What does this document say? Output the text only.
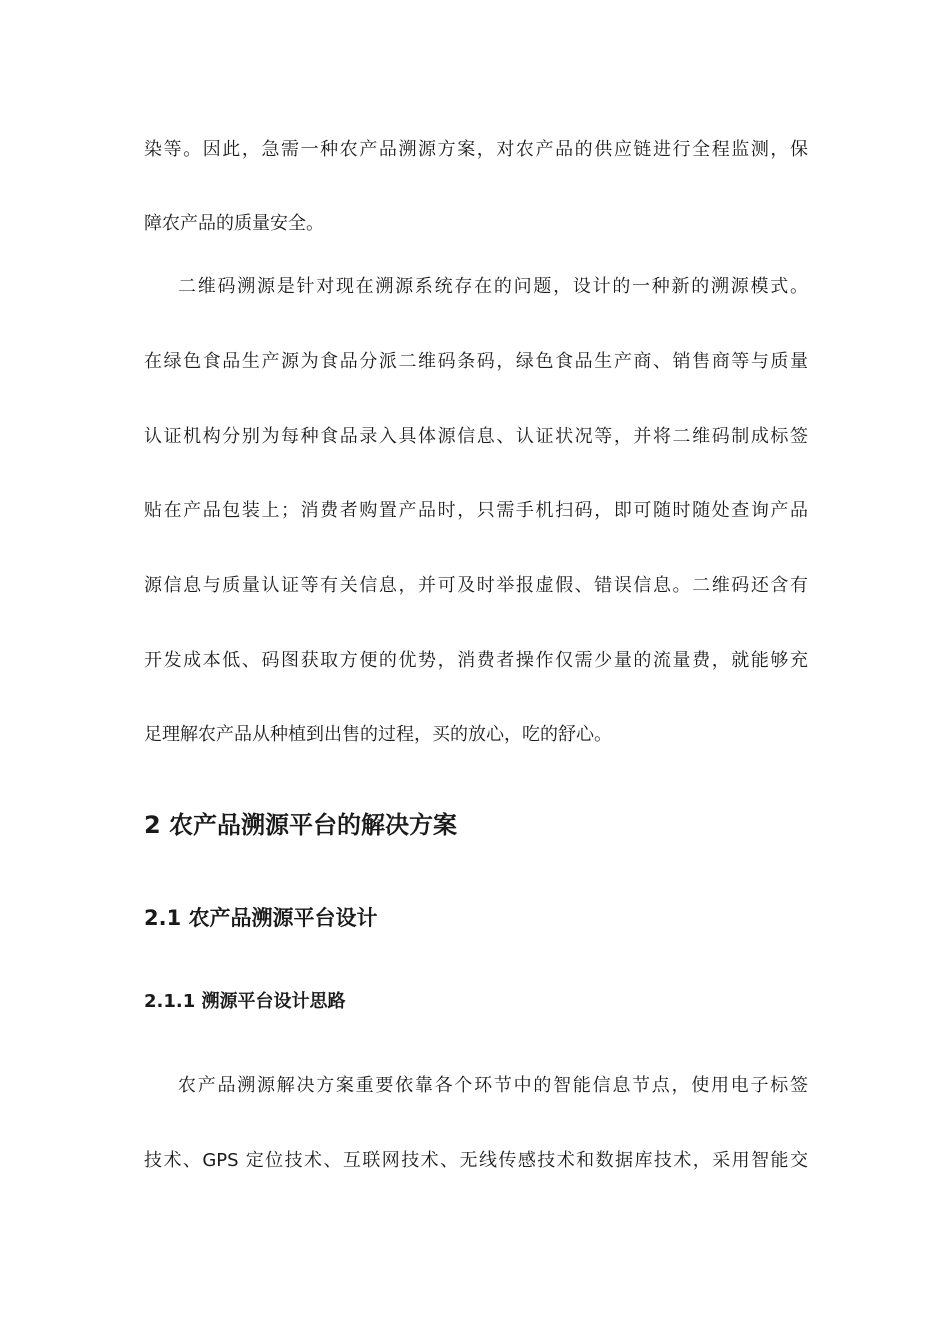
染等。因此，急需一种农产品溯源方案，对农产品的供应链进行全程监测，保
障农产品的质量安全。
二维码溯源是针对现在溯源系统存在的问题，设计的一种新的溯源模式。
在绿色食品生产源为食品分派二维码条码，绿色食品生产商、销售商等与质量
认证机构分别为每种食品录入具体源信息、认证状况等，并将二维码制成标签
贴在产品包装上；消费者购置产品时，只需手机扫码，即可随时随处查询产品
源信息与质量认证等有关信息，并可及时举报虚假、错误信息。二维码还含有
开发成本低、码图获取方便的优势，消费者操作仅需少量的流量费，就能够充
足理解农产品从种植到出售的过程，买的放心，吃的舒心。
2 农产品溯源平台的解决方案
2.1 农产品溯源平台设计
2.1.1 溯源平台设计思路
农产品溯源解决方案重要依靠各个环节中的智能信息节点，使用电子标签
技术、GPS 定位技术、互联网技术、无线传感技术和数据库技术，采用智能交
